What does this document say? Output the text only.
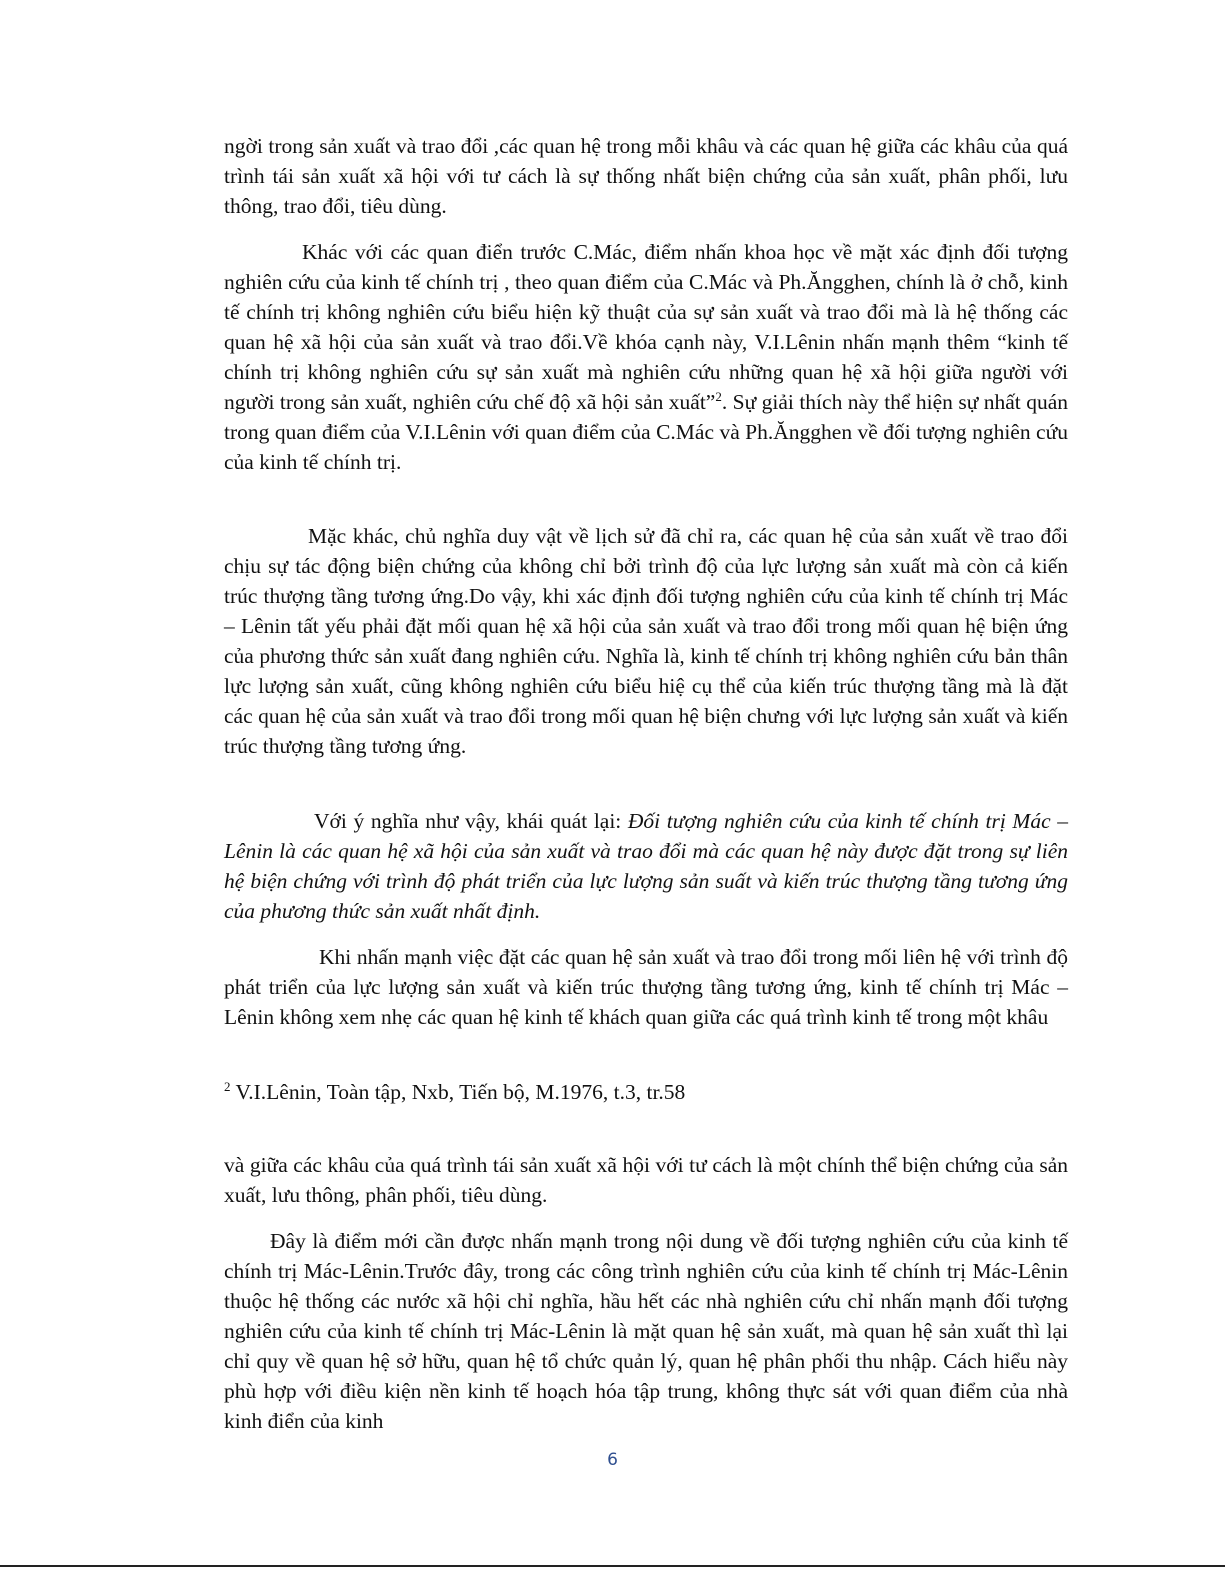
ngời trong sản xuất và trao đổi ,các quan hệ trong mỗi khâu và các quan hệ giữa các khâu của quá trình tái sản xuất xã hội với tư cách là sự thống nhất biện chứng của sản xuất, phân phối, lưu thông, trao đổi, tiêu dùng.

Khác với các quan điển trước C.Mác, điểm nhấn khoa học về mặt xác định đối tượng nghiên cứu của kinh tế chính trị , theo quan điểm của C.Mác và Ph.Ăngghen, chính là ở chỗ, kinh tế chính trị không nghiên cứu biểu hiện kỹ thuật của sự sản xuất và trao đổi mà là hệ thống các quan hệ xã hội của sản xuất và trao đổi.Về khóa cạnh này, V.I.Lênin nhấn mạnh thêm “kinh tế chính trị không nghiên cứu sự sản xuất mà nghiên cứu những quan hệ xã hội giữa người với người trong sản xuất, nghiên cứu chế độ xã hội sản xuất”$^2$. Sự giải thích này thể hiện sự nhất quán trong quan điểm của V.I.Lênin với quan điểm của C.Mác và Ph.Ăngghen về đối tượng nghiên cứu của kinh tế chính trị.

Mặc khác, chủ nghĩa duy vật về lịch sử đã chỉ ra, các quan hệ của sản xuất về trao đổi chịu sự tác động biện chứng của không chỉ bởi trình độ của lực lượng sản xuất mà còn cả kiến trúc thượng tầng tương ứng.Do vậy, khi xác định đối tượng nghiên cứu của kinh tế chính trị Mác – Lênin tất yếu phải đặt mối quan hệ xã hội của sản xuất và trao đổi trong mối quan hệ biện ứng của phương thức sản xuất đang nghiên cứu. Nghĩa là, kinh tế chính trị không nghiên cứu bản thân lực lượng sản xuất, cũng không nghiên cứu biểu hiệ cụ thể của kiến trúc thượng tầng mà là đặt các quan hệ của sản xuất và trao đổi trong mối quan hệ biện chưng với lực lượng sản xuất và kiến trúc thượng tầng tương ứng.

Với ý nghĩa như vậy, khái quát lại: Đối tượng nghiên cứu của kinh tế chính trị Mác –Lênin là các quan hệ xã hội của sản xuất và trao đổi mà các quan hệ này được đặt trong sự liên hệ biện chứng với trình độ phát triển của lực lượng sản suất và kiến trúc thượng tầng tương ứng của phương thức sản xuất nhất định.

Khi nhấn mạnh việc đặt các quan hệ sản xuất và trao đổi trong mối liên hệ với trình độ phát triển của lực lượng sản xuất và kiến trúc thượng tầng tương ứng, kinh tế chính trị Mác –Lênin không xem nhẹ các quan hệ kinh tế khách quan giữa các quá trình kinh tế trong một khâu

$^2$ V.I.Lênin, Toàn tập, Nxb, Tiến bộ, M.1976, t.3, tr.58

và giữa các khâu của quá trình tái sản xuất xã hội với tư cách là một chính thể biện chứng của sản xuất, lưu thông, phân phối, tiêu dùng.

Đây là điểm mới cần được nhấn mạnh trong nội dung về đối tượng nghiên cứu của kinh tế chính trị Mác-Lênin.Trước đây, trong các công trình nghiên cứu của kinh tế chính trị Mác-Lênin thuộc hệ thống các nước xã hội chỉ nghĩa, hầu hết các nhà nghiên cứu chỉ nhấn mạnh đối tượng nghiên cứu của kinh tế chính trị Mác-Lênin là mặt quan hệ sản xuất, mà quan hệ sản xuất thì lại chỉ quy về quan hệ sở hữu, quan hệ tổ chức quản lý, quan hệ phân phối thu nhập. Cách hiểu này phù hợp với điều kiện nền kinh tế hoạch hóa tập trung, không thực sát với quan điểm của nhà kinh điển của kinh

6
